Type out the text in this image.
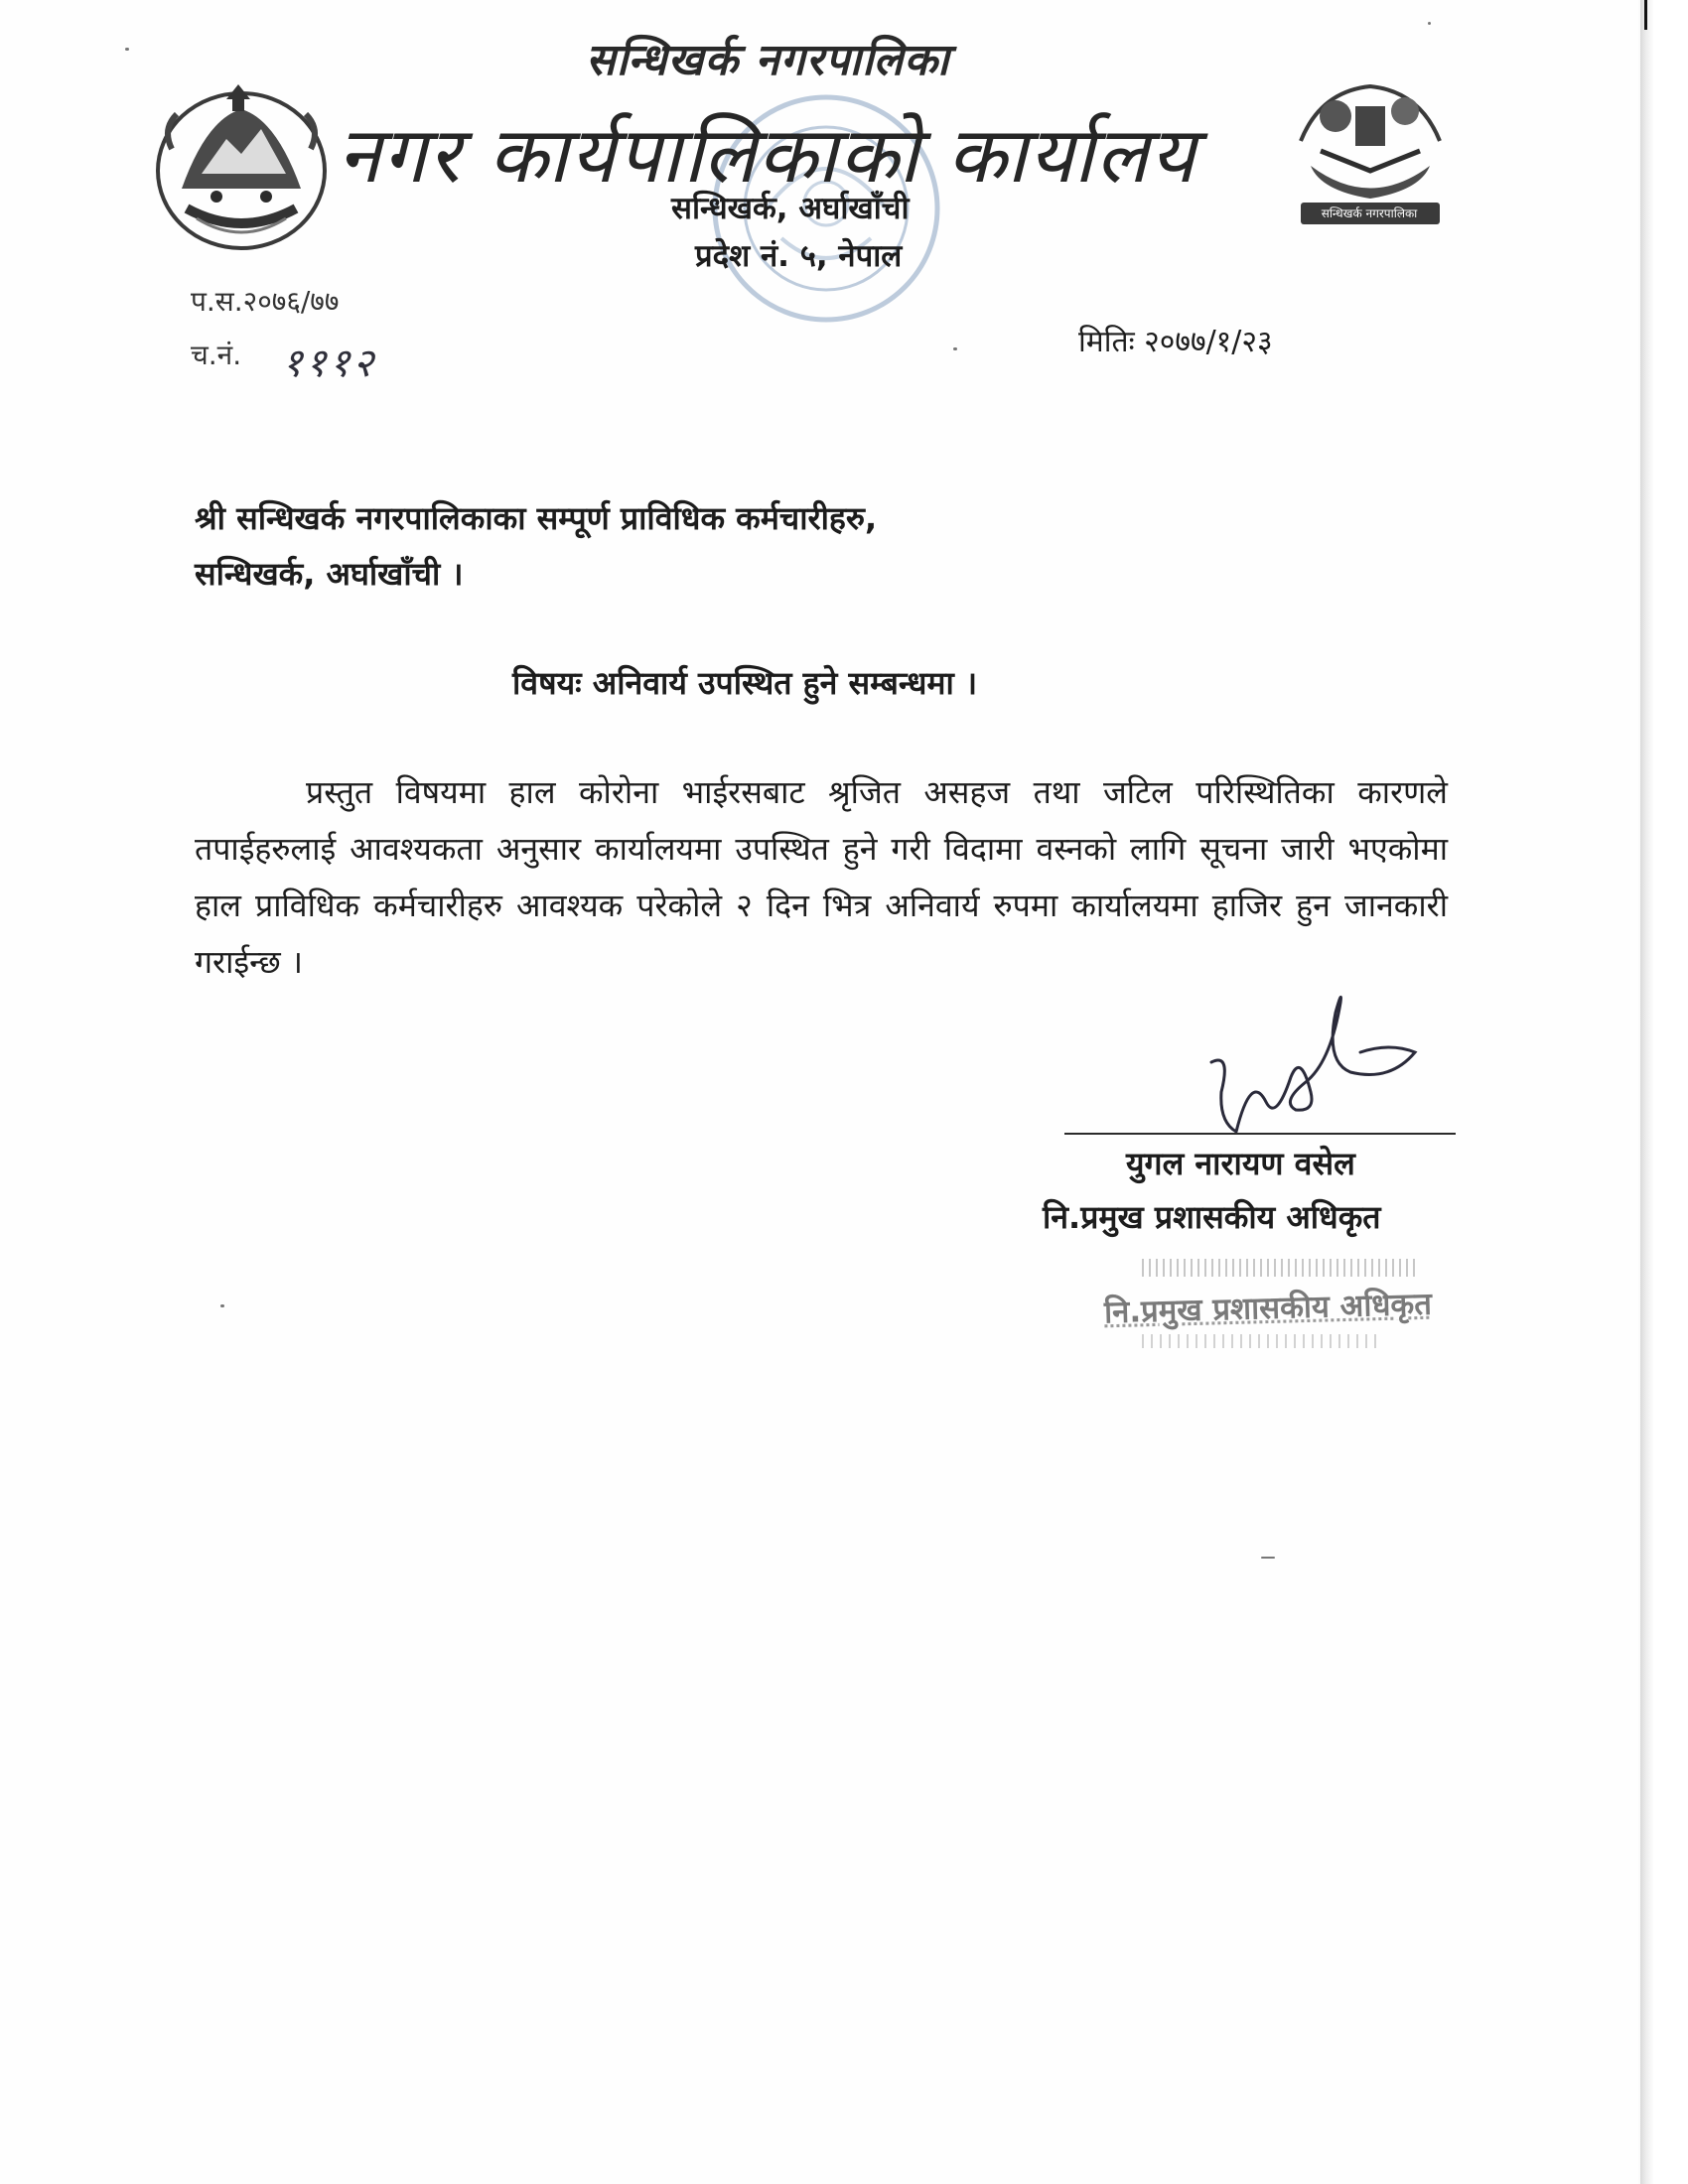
सन्धिखर्क नगरपालिका
नगर कार्यपालिकाको कार्यालय
सन्धिखर्क, अर्घाखाँची
प्रदेश नं. ५, नेपाल
सन्धिखर्क नगरपालिका
प.स.२०७६/७७
च.नं. १११२	मितिः २०७७/१/२३
श्री सन्धिखर्क नगरपालिकाका सम्पूर्ण प्राविधिक कर्मचारीहरु,
सन्धिखर्क, अर्घाखाँची ।
विषयः अनिवार्य उपस्थित हुने सम्बन्धमा ।
प्रस्तुत विषयमा हाल कोरोना भाईरसबाट श्रृजित असहज तथा जटिल परिस्थितिका कारणले तपाईहरुलाई आवश्यकता अनुसार कार्यालयमा उपस्थित हुने गरी विदामा वस्नको लागि सूचना जारी भएकोमा हाल प्राविधिक कर्मचारीहरु आवश्यक परेकोले २ दिन भित्र अनिवार्य रुपमा कार्यालयमा हाजिर हुन जानकारी गराईन्छ ।
युगल नारायण वसेल
नि.प्रमुख प्रशासकीय अधिकृत
नि.प्रमुख प्रशासकीय अधिकृत
